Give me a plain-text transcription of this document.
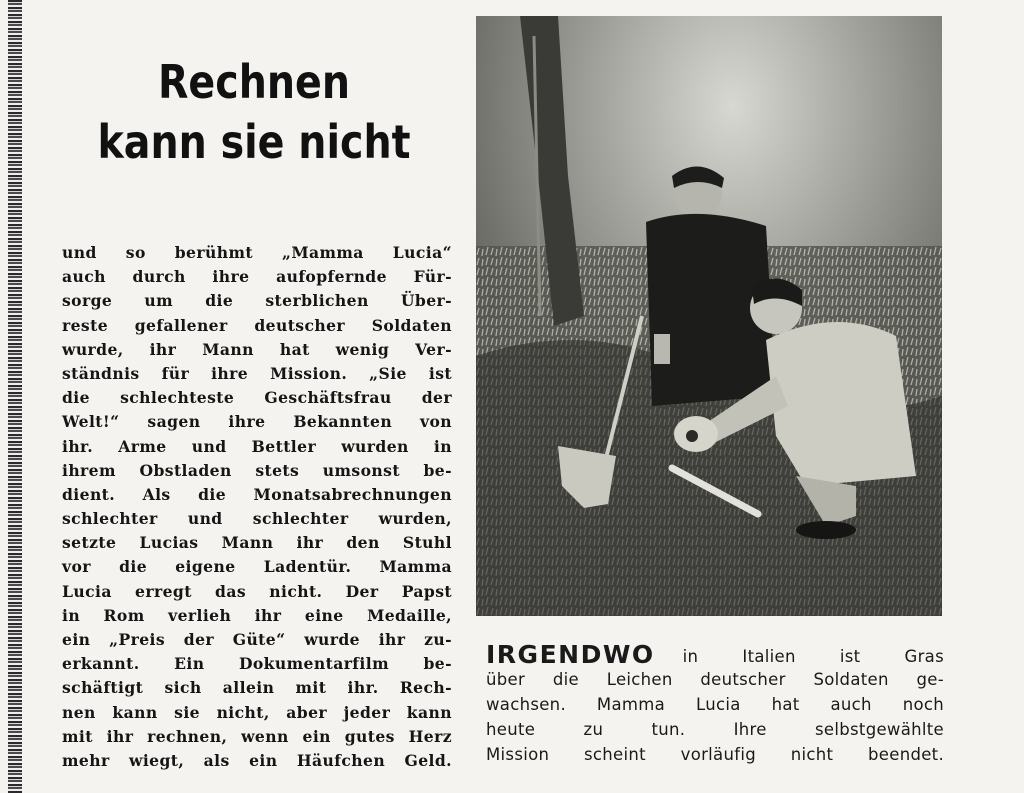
Rechnen
kann sie nicht
und so berühmt „Mamma Lucia“
auch durch ihre aufopfernde Für-
sorge um die sterblichen Über-
reste gefallener deutscher Soldaten
wurde, ihr Mann hat wenig Ver-
ständnis für ihre Mission. „Sie ist
die schlechteste Geschäftsfrau der
Welt!“ sagen ihre Bekannten von
ihr. Arme und Bettler wurden in
ihrem Obstladen stets umsonst be-
dient. Als die Monatsabrechnungen
schlechter und schlechter wurden,
setzte Lucias Mann ihr den Stuhl
vor die eigene Ladentür. Mamma
Lucia erregt das nicht. Der Papst
in Rom verlieh ihr eine Medaille,
ein „Preis der Güte“ wurde ihr zu-
erkannt. Ein Dokumentarfilm be-
schäftigt sich allein mit ihr. Rech-
nen kann sie nicht, aber jeder kann
mit ihr rechnen, wenn ein gutes Herz
mehr wiegt, als ein Häufchen Geld.
IRGENDWO in Italien ist Gras
über die Leichen deutscher Soldaten ge-
wachsen. Mamma Lucia hat auch noch
heute zu tun. Ihre selbstgewählte
Mission scheint vorläufig nicht beendet.
